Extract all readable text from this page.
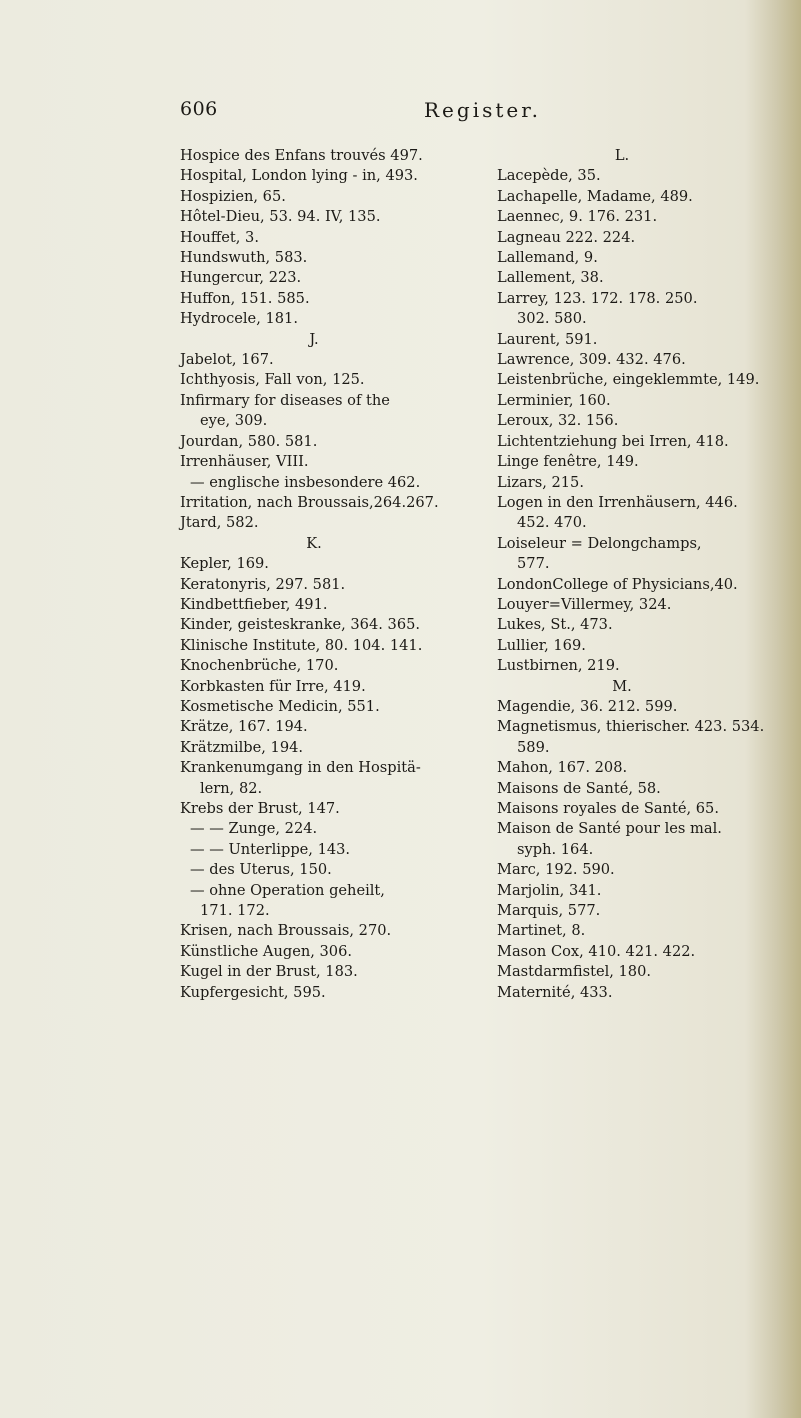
606	Register.
Hospice des Enfans trouvés 497.
Hospital, London lying - in, 493.
Hospizien, 65.
Hôtel-Dieu, 53. 94. IV, 135.
Houffet, 3.
Hundswuth, 583.
Hungercur, 223.
Huffon, 151. 585.
Hydrocele, 181.
J.
Jabelot, 167.
Ichthyosis, Fall von, 125.
Infirmary for diseases of the
eye, 309.
Jourdan, 580. 581.
Irrenhäuser, VIII.
— englische insbesondere 462.
Irritation, nach Broussais,264.267.
Jtard, 582.
K.
Kepler, 169.
Keratonyris, 297. 581.
Kindbettfieber, 491.
Kinder, geisteskranke, 364. 365.
Klinische Institute, 80. 104. 141.
Knochenbrüche, 170.
Korbkasten für Irre, 419.
Kosmetische Medicin, 551.
Krätze, 167. 194.
Krätzmilbe, 194.
Krankenumgang in den Hospitä-
lern, 82.
Krebs der Brust, 147.
— — Zunge, 224.
— — Unterlippe, 143.
— des Uterus, 150.
— ohne Operation geheilt,
171. 172.
Krisen, nach Broussais, 270.
Künstliche Augen, 306.
Kugel in der Brust, 183.
Kupfergesicht, 595.
L.
Lacepède, 35.
Lachapelle, Madame, 489.
Laennec, 9. 176. 231.
Lagneau 222. 224.
Lallemand, 9.
Lallement, 38.
Larrey, 123. 172. 178. 250.
302. 580.
Laurent, 591.
Lawrence, 309. 432. 476.
Leistenbrüche, eingeklemmte, 149.
Lerminier, 160.
Leroux, 32. 156.
Lichtentziehung bei Irren, 418.
Linge fenêtre, 149.
Lizars, 215.
Logen in den Irrenhäusern, 446.
452. 470.
Loiseleur = Delongchamps,
577.
LondonCollege of Physicians,40.
Louyer=Villermey, 324.
Lukes, St., 473.
Lullier, 169.
Lustbirnen, 219.
M.
Magendie, 36. 212. 599.
Magnetismus, thierischer. 423. 534.
589.
Mahon, 167. 208.
Maisons de Santé, 58.
Maisons royales de Santé, 65.
Maison de Santé pour les mal.
syph. 164.
Marc, 192. 590.
Marjolin, 341.
Marquis, 577.
Martinet, 8.
Mason Cox, 410. 421. 422.
Mastdarmfistel, 180.
Maternité, 433.
